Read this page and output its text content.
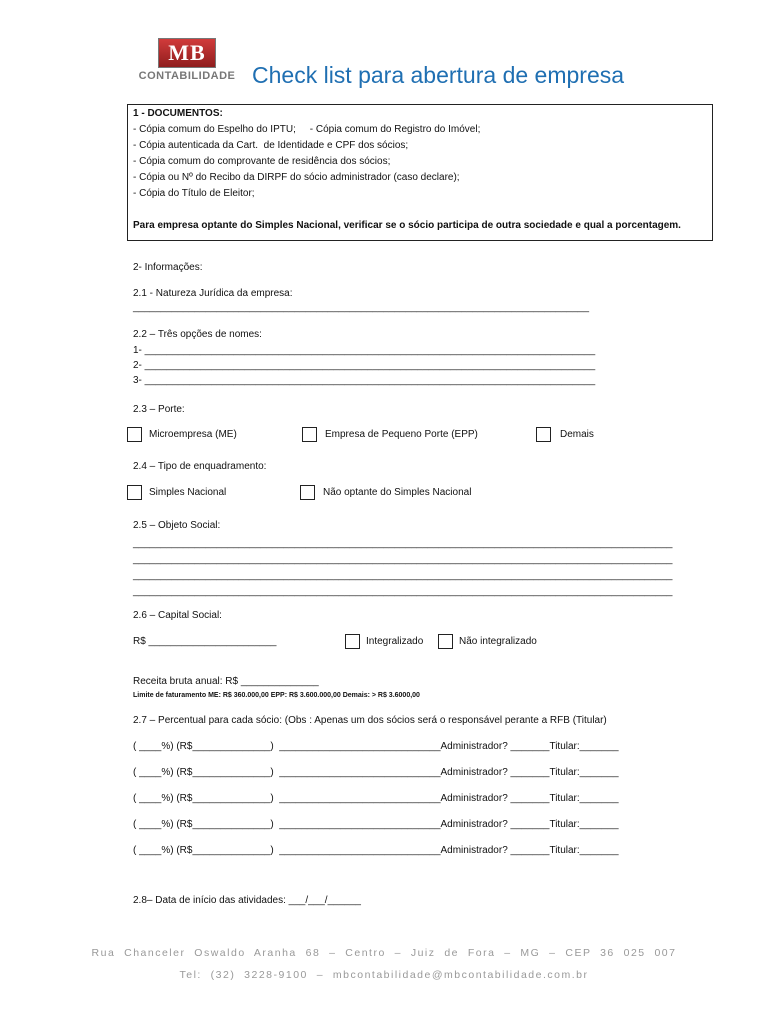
MB
CONTABILIDADE Check list para abertura de empresa
1 - DOCUMENTOS:
- Cópia comum do Espelho do IPTU;     - Cópia comum do Registro do Imóvel;
- Cópia autenticada da Cart.  de Identidade e CPF dos sócios;
- Cópia comum do comprovante de residência dos sócios;
- Cópia ou Nº do Recibo da DIRPF do sócio administrador (caso declare);
- Cópia do Título de Eleitor;
Para empresa optante do Simples Nacional, verificar se o sócio participa de outra sociedade e qual a porcentagem.
2- Informações:
2.1 - Natureza Jurídica da empresa:
__________________________________________________________________________________
2.2 – Três opções de nomes:
1- _________________________________________________________________________________
2- _________________________________________________________________________________
3- _________________________________________________________________________________
2.3 – Porte:
Microempresa (ME)	Empresa de Pequeno Porte (EPP)	Demais
2.4 – Tipo de enquadramento:
Simples Nacional	Não optante do Simples Nacional
2.5 – Objeto Social:
_________________________________________________________________________________________________
_________________________________________________________________________________________________
_________________________________________________________________________________________________
_________________________________________________________________________________________________
2.6 – Capital Social:
R$ _______________________	Integralizado	Não integralizado
Receita bruta anual: R$ ______________
Limite de faturamento ME: R$ 360.000,00 EPP: R$ 3.600.000,00 Demais: > R$ 3.6000,00
2.7 – Percentual para cada sócio: (Obs : Apenas um dos sócios será o responsável perante a RFB (Titular)
( ____%) (R$______________)  _____________________________Administrador? _______Titular:_______
( ____%) (R$______________)  _____________________________Administrador? _______Titular:_______
( ____%) (R$______________)  _____________________________Administrador? _______Titular:_______
( ____%) (R$______________)  _____________________________Administrador? _______Titular:_______
( ____%) (R$______________)  _____________________________Administrador? _______Titular:_______
2.8– Data de início das atividades: ___/___/______
Rua  Chanceler  Oswaldo  Aranha  68  –  Centro  –  Juiz  de  Fora  –  MG  –  CEP  36  025  007
Tel:  (32)  3228-9100  –  mbcontabilidade@mbcontabilidade.com.br
